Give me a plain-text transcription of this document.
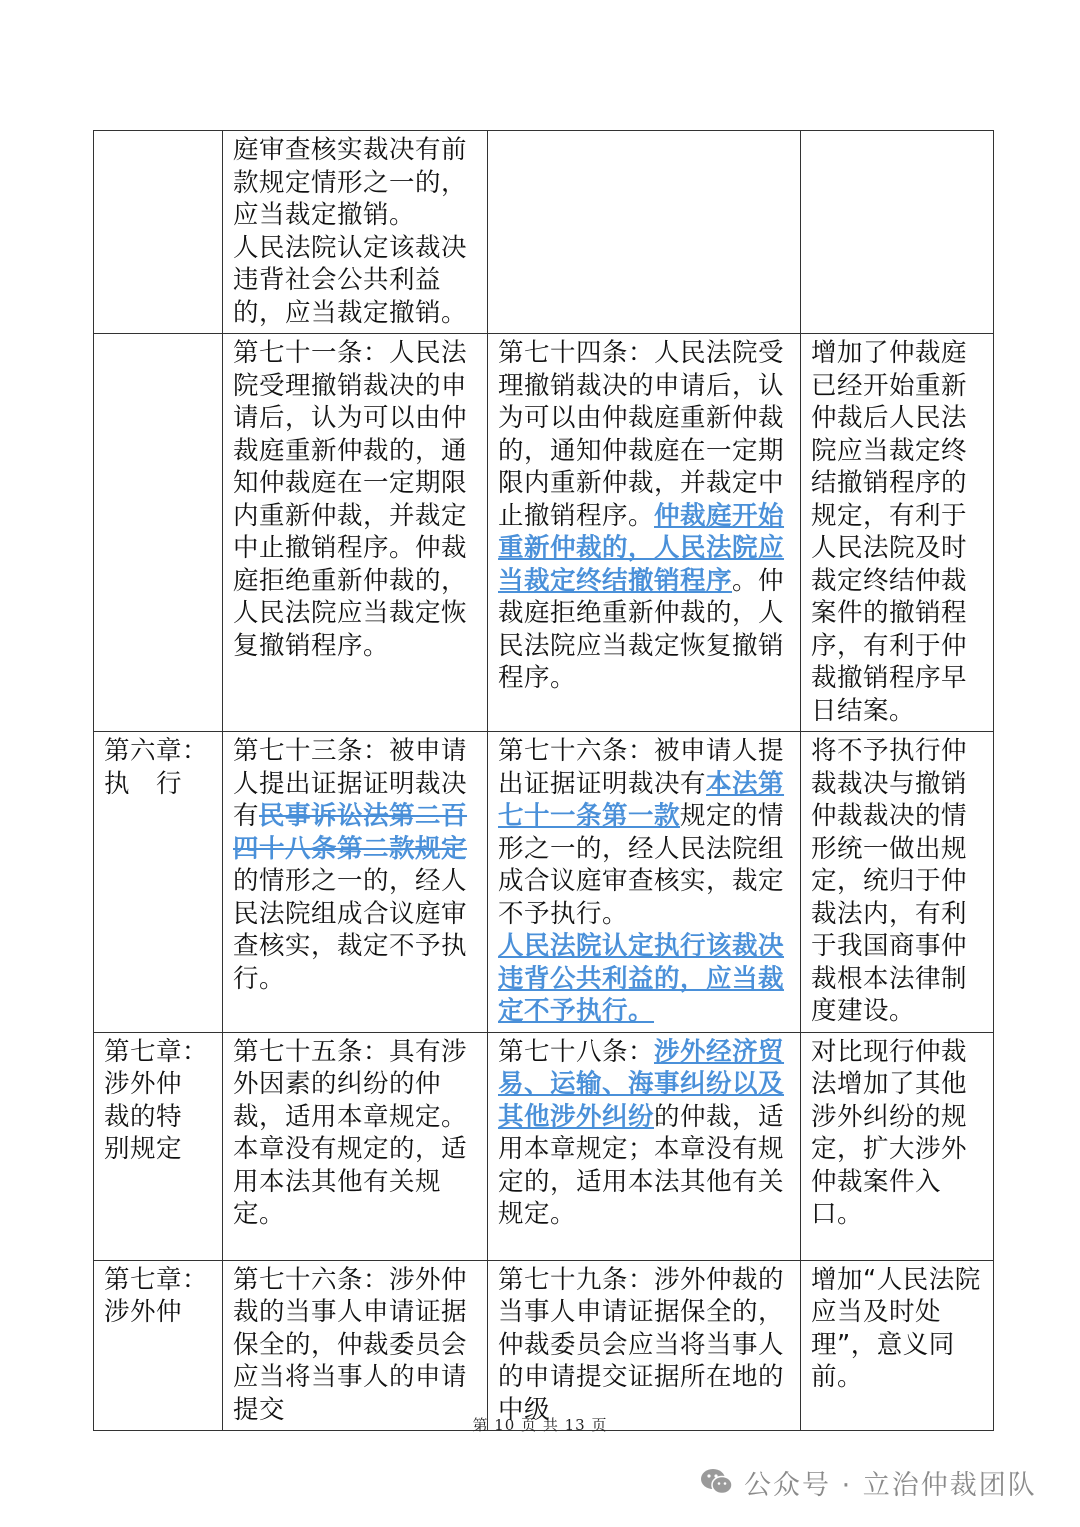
	庭审查核实裁决有前款规定情形之一的，应当裁定撤销。
人民法院认定该裁决违背社会公共利益的，应当裁定撤销。		

	第七十一条：人民法院受理撤销裁决的申请后，认为可以由仲裁庭重新仲裁的，通知仲裁庭在一定期限内重新仲裁，并裁定中止撤销程序。仲裁庭拒绝重新仲裁的，人民法院应当裁定恢复撤销程序。	第七十四条：人民法院受理撤销裁决的申请后，认为可以由仲裁庭重新仲裁的，通知仲裁庭在一定期限内重新仲裁，并裁定中止撤销程序。仲裁庭开始重新仲裁的，人民法院应当裁定终结撤销程序。仲裁庭拒绝重新仲裁的，人民法院应当裁定恢复撤销程序。	增加了仲裁庭已经开始重新仲裁后人民法院应当裁定终结撤销程序的规定，有利于人民法院及时裁定终结仲裁案件的撤销程序，有利于仲裁撤销程序早日结案。

第六章：
执　行	第七十三条：被申请人提出证据证明裁决有民事诉讼法第二百四十八条第二款规定的情形之一的，经人民法院组成合议庭审查核实，裁定不予执行。	第七十六条：被申请人提出证据证明裁决有本法第七十一条第一款规定的情形之一的，经人民法院组成合议庭审查核实，裁定不予执行。
人民法院认定执行该裁决违背公共利益的，应当裁定不予执行。	将不予执行仲裁裁决与撤销仲裁裁决的情形统一做出规定，统归于仲裁法内，有利于我国商事仲裁根本法律制度建设。

第七章：
涉外仲
裁的特
别规定	第七十五条：具有涉外因素的纠纷的仲裁，适用本章规定。本章没有规定的，适用本法其他有关规定。	第七十八条：涉外经济贸易、运输、海事纠纷以及其他涉外纠纷的仲裁，适用本章规定；本章没有规定的，适用本法其他有关规定。	对比现行仲裁法增加了其他涉外纠纷的规定，扩大涉外仲裁案件入口。

第七章：
涉外仲	第七十六条：涉外仲裁的当事人申请证据保全的，仲裁委员会应当将当事人的申请提交	第七十九条：涉外仲裁的当事人申请证据保全的，仲裁委员会应当将当事人的申请提交证据所在地的中级	增加“人民法院应当及时处理”，意义同前。
第 10 页 共 13 页
公众号 · 立治仲裁团队
